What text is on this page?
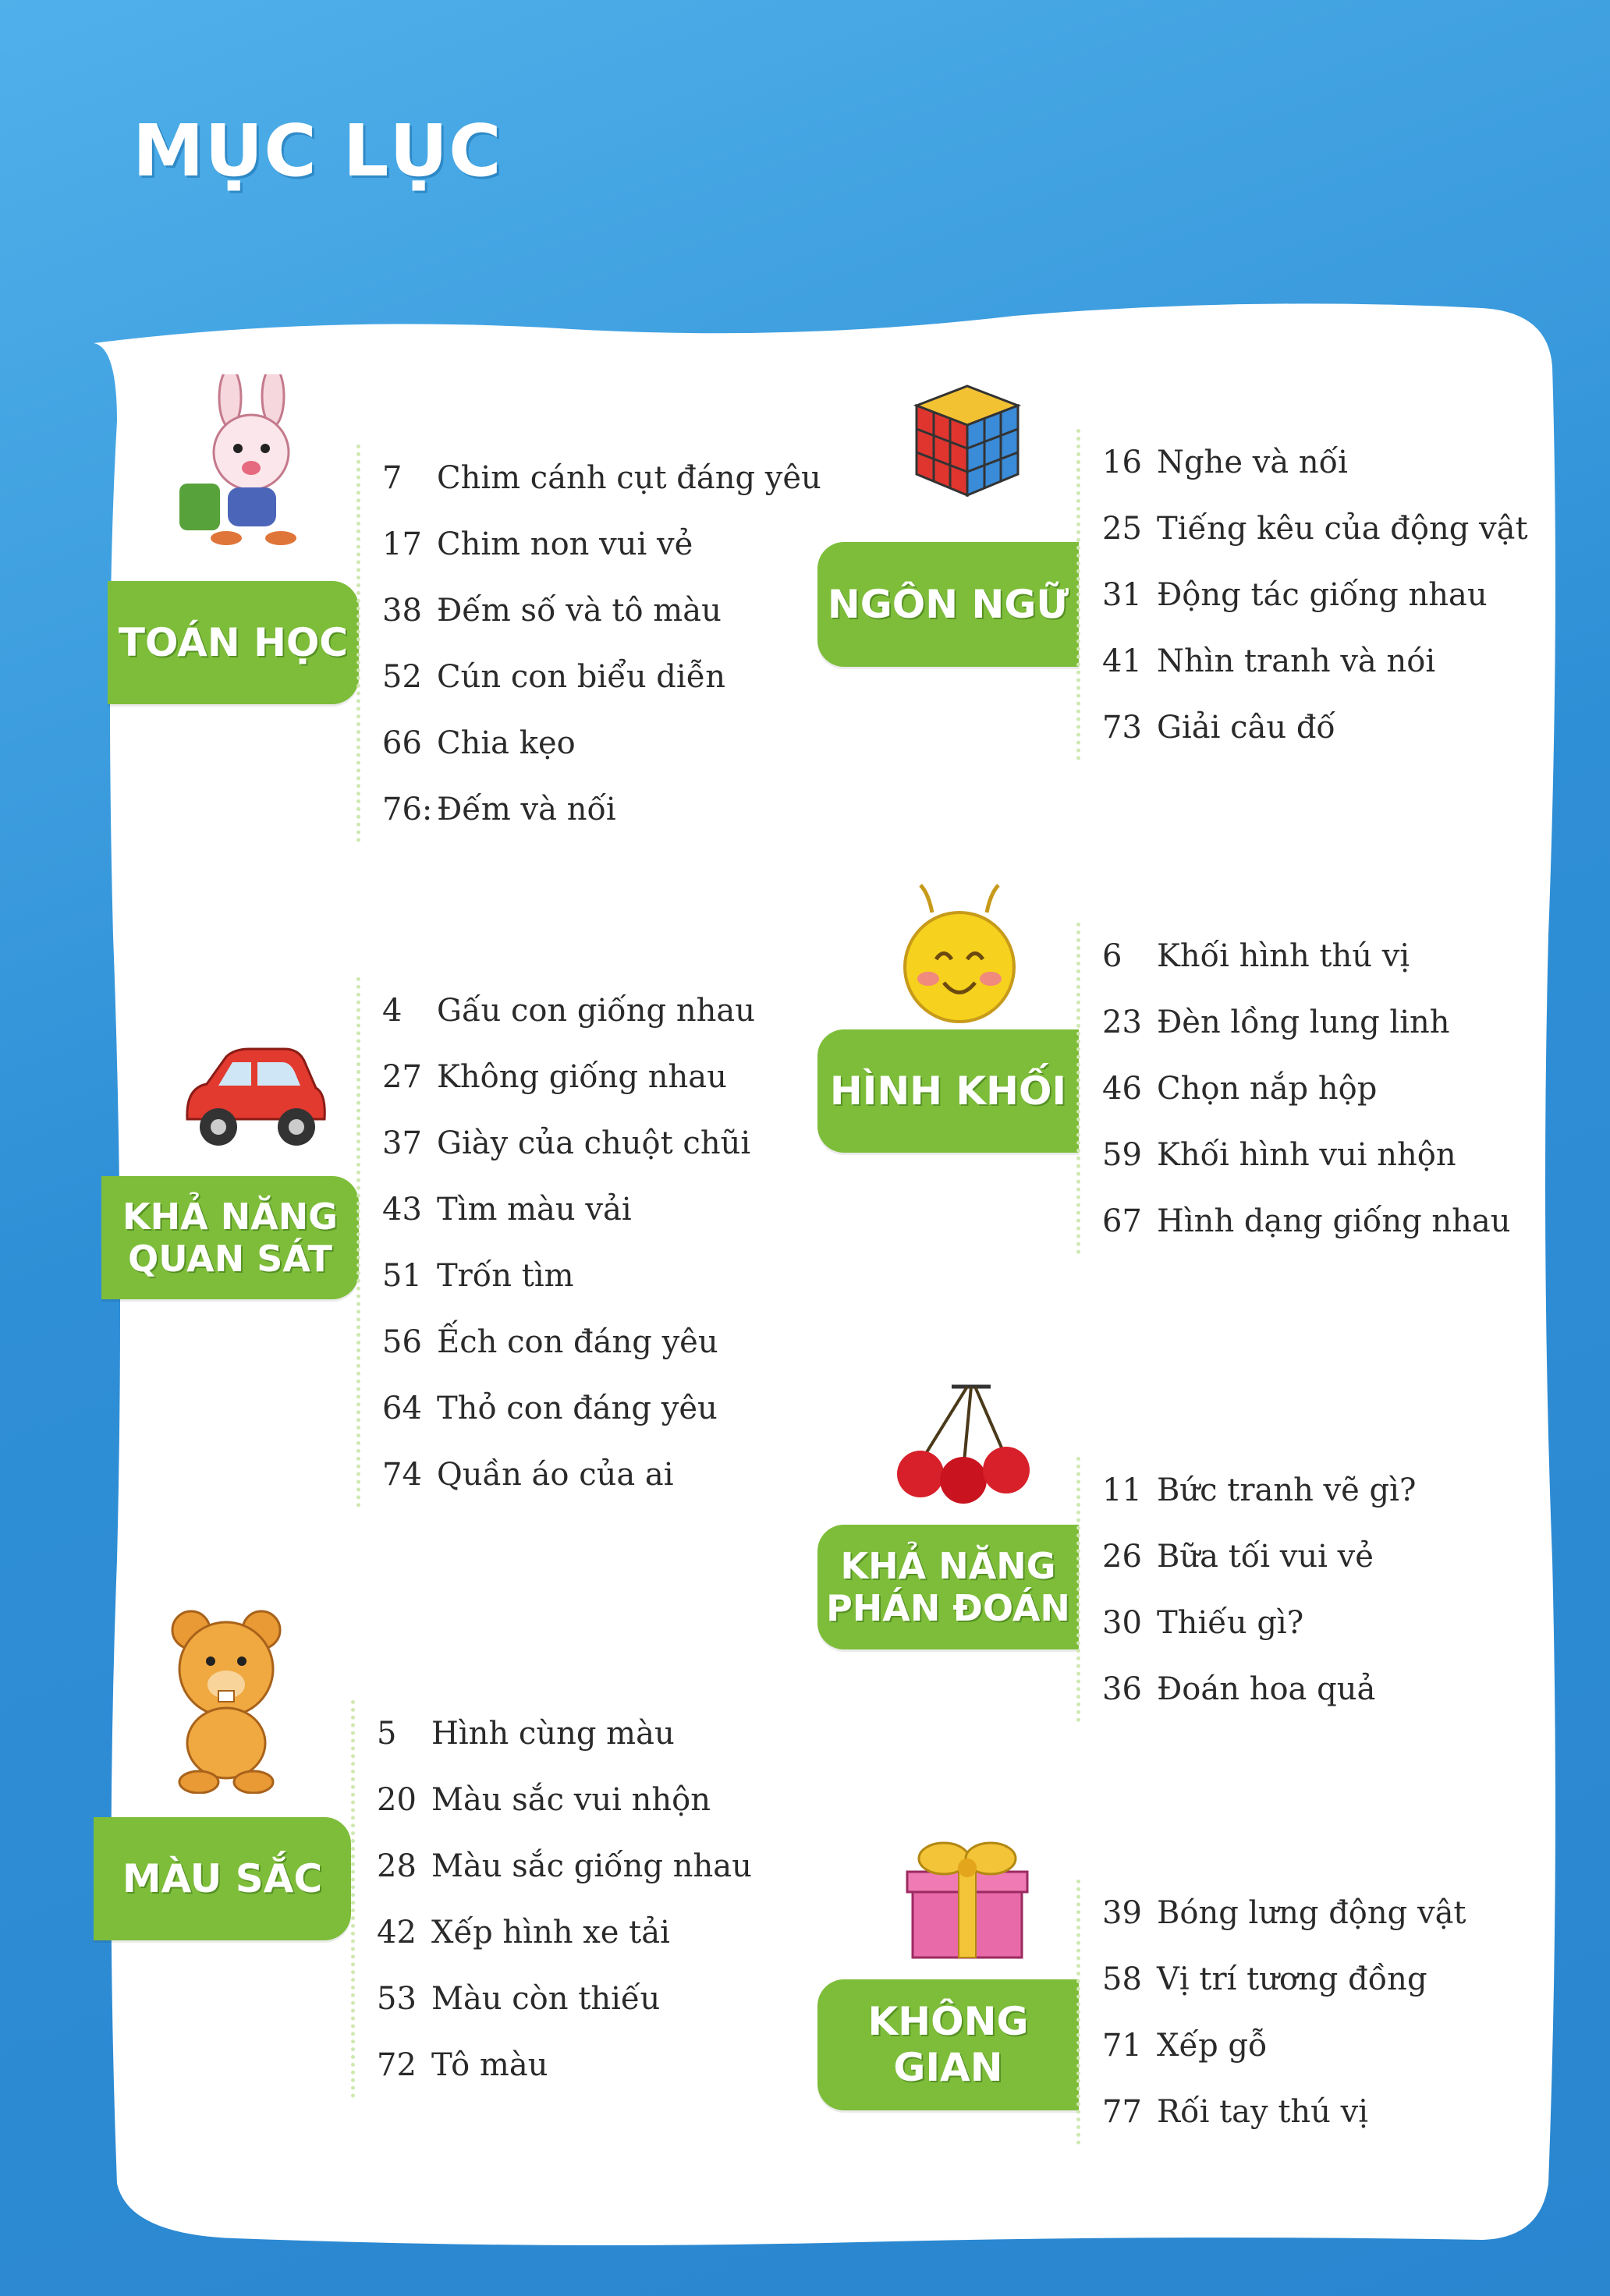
MỤC LỤC
TOÁN HỌC
7	Chim cánh cụt đáng yêu
17 Chim non vui vẻ
38 Đếm số và tô màu
52 Cún con biểu diễn
66 Chia kẹo
76: Đếm và nối
NGÔN NGỮ
16 Nghe và nối
25 Tiếng kêu của động vật
31 Động tác giống nhau
41 Nhìn tranh và nói
73 Giải câu đố
KHẢ NĂNG
QUAN SÁT
4	Gấu con giống nhau
27 Không giống nhau
37 Giày của chuột chũi
43 Tìm màu vải
51 Trốn tìm
56 Ếch con đáng yêu
64 Thỏ con đáng yêu
74 Quần áo của ai
HÌNH KHỐI
6	Khối hình thú vị
23 Đèn lồng lung linh
46 Chọn nắp hộp
59 Khối hình vui nhộn
67 Hình dạng giống nhau
KHẢ NĂNG
PHÁN ĐOÁN
11 Bức tranh vẽ gì?
26 Bữa tối vui vẻ
30 Thiếu gì?
36 Đoán hoa quả
MÀU SẮC
5	Hình cùng màu
20 Màu sắc vui nhộn
28 Màu sắc giống nhau
42 Xếp hình xe tải
53 Màu còn thiếu
72 Tô màu
KHÔNG GIAN
39 Bóng lưng động vật
58 Vị trí tương đồng
71 Xếp gỗ
77 Rối tay thú vị
